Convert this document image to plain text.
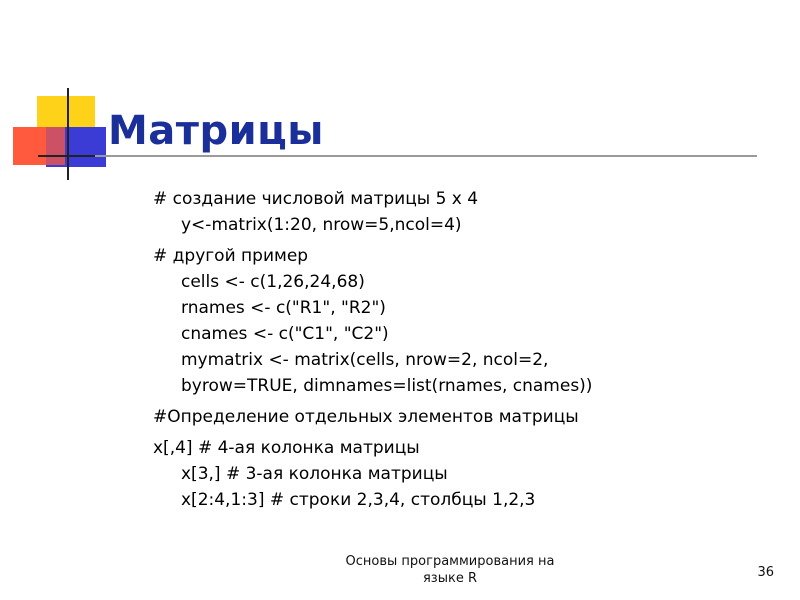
Матрицы

# создание числовой матрицы 5 x 4

y<-matrix(1:20, nrow=5,ncol=4)

# другой пример

cells <- c(1,26,24,68)

rnames <- c("R1", "R2")

cnames <- c("C1", "C2")

mymatrix <- matrix(cells, nrow=2, ncol=2,

byrow=TRUE, dimnames=list(rnames, cnames))

#Определение отдельных элементов матрицы

x[,4] # 4-ая колонка матрицы

x[3,] # 3-ая колонка матрицы

x[2:4,1:3] # строки 2,3,4, столбцы 1,2,3

Основы программирования на
языке R	36
